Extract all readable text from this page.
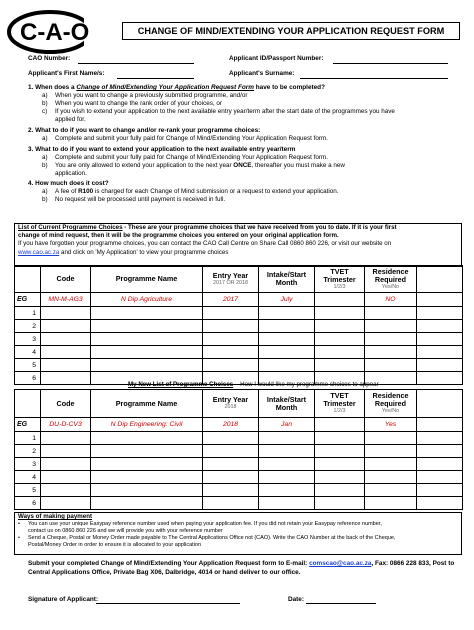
C-A-O	CHANGE OF MIND/EXTENDING YOUR APPLICATION REQUEST FORM
CAO Number:	Applicant ID/Passport Number:
Applicant's First Name/s:	Applicant's Surname:
1. When does a Change of Mind/Extending Your Application Request Form have to be completed?
a) When you want to change a previously submitted programme, and/or
b) When you want to change the rank order of your choices, or
c) If you wish to extend your application to the next available entry year/term after the start date of the programmes you have
applied for.
2. What to do if you want to change and/or re-rank your programme choices:
a) Complete and submit your fully paid for Change of Mind/Extending Your Application Request form.
3. What to do if you want to extend your application to the next available entry year/term
a) Complete and submit your fully paid for Change of Mind/Extending Your Application Request form.
b) You are only allowed to extend your application to the next year ONCE, thereafter you must make a new
application.
4. How much does it cost?
a) A fee of R100 is charged for each Change of Mind submission or a request to extend your application.
b) No request will be processed until payment is received in full.
List of Current Programme Choices - These are your programme choices that we have received from you to date. If it is your first
change of mind request, then it will be the programme choices you entered on your original application form.
If you have forgotten your programme choices, you can contact the CAO Call Centre on Share Call 0860 860 226, or visit our website on
www.cao.ac.za and click on 'My Application' to view your programme choices
	Code	Programme Name	Entry Year
2017 OR 2018	Intake/Start Month	TVET Trimester
1/2/3	Residence Required
Yes/No	

EG	MN-M-AG3	N Dip Agriculture	2017	July		NO	
1							
2							
3							
4							
5							
6							
My New List of Programme Choices – How I would like my programme choices to appear
	Code	Programme Name	Entry Year
2018	Intake/Start Month	TVET Trimester
1/2/3	Residence Required
Yes/No	

EG	DU-D-CV3	N Dip Engineering: Civil	2018	Jan		Yes	
1							
2							
3							
4							
5							
6							
Ways of making payment
• You can use your unique Easypay reference number used when paying your application fee. If you did not retain your Easypay reference number,
contact us on 0860 860 226 and we will provide you with your reference number
• Send a Cheque, Postal or Money Order made payable to The Central Applications Office not (CAO). Write the CAO Number at the back of the Cheque,
Postal/Money Order in order to ensure it is allocated to your application
Submit your completed Change of Mind/Extending Your Application Request form to E-mail: comscao@cao.ac.za, Fax: 0866 228 833, Post to
Central Applications Office, Private Bag X06, Dalbridge, 4014 or hand deliver to our office.
Signature of Applicant:	Date:
